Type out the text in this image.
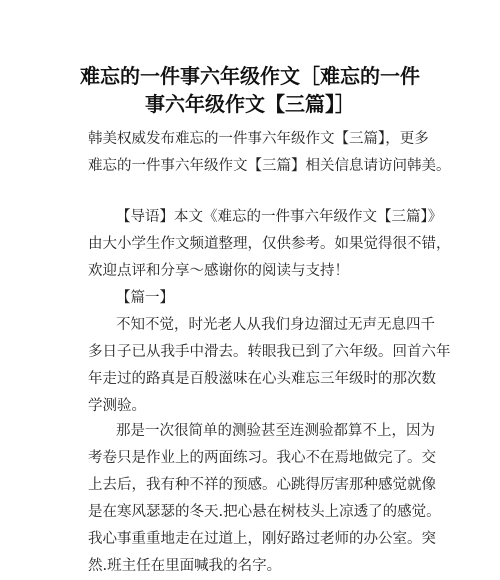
难忘的一件事六年级作文［难忘的一件
事六年级作文【三篇】］
韩美权威发布难忘的一件事六年级作文【三篇】，更多
难忘的一件事六年级作文【三篇】相关信息请访问韩美。
【导语】本文《难忘的一件事六年级作文【三篇】》
由大小学生作文频道整理，仅供参考。如果觉得很不错，
欢迎点评和分享～感谢你的阅读与支持！
【篇一】
不知不觉，时光老人从我们身边溜过无声无息四千
多日子已从我手中滑去。转眼我已到了六年级。回首六年
年走过的路真是百般滋味在心头难忘三年级时的那次数
学测验。
那是一次很简单的测验甚至连测验都算不上，因为
考卷只是作业上的两面练习。我心不在焉地做完了。交
上去后，我有种不祥的预感。心跳得厉害那种感觉就像
是在寒风瑟瑟的冬天.把心悬在树枝头上凉透了的感觉。
我心事重重地走在过道上，刚好路过老师的办公室。突
然.班主任在里面喊我的名字。
